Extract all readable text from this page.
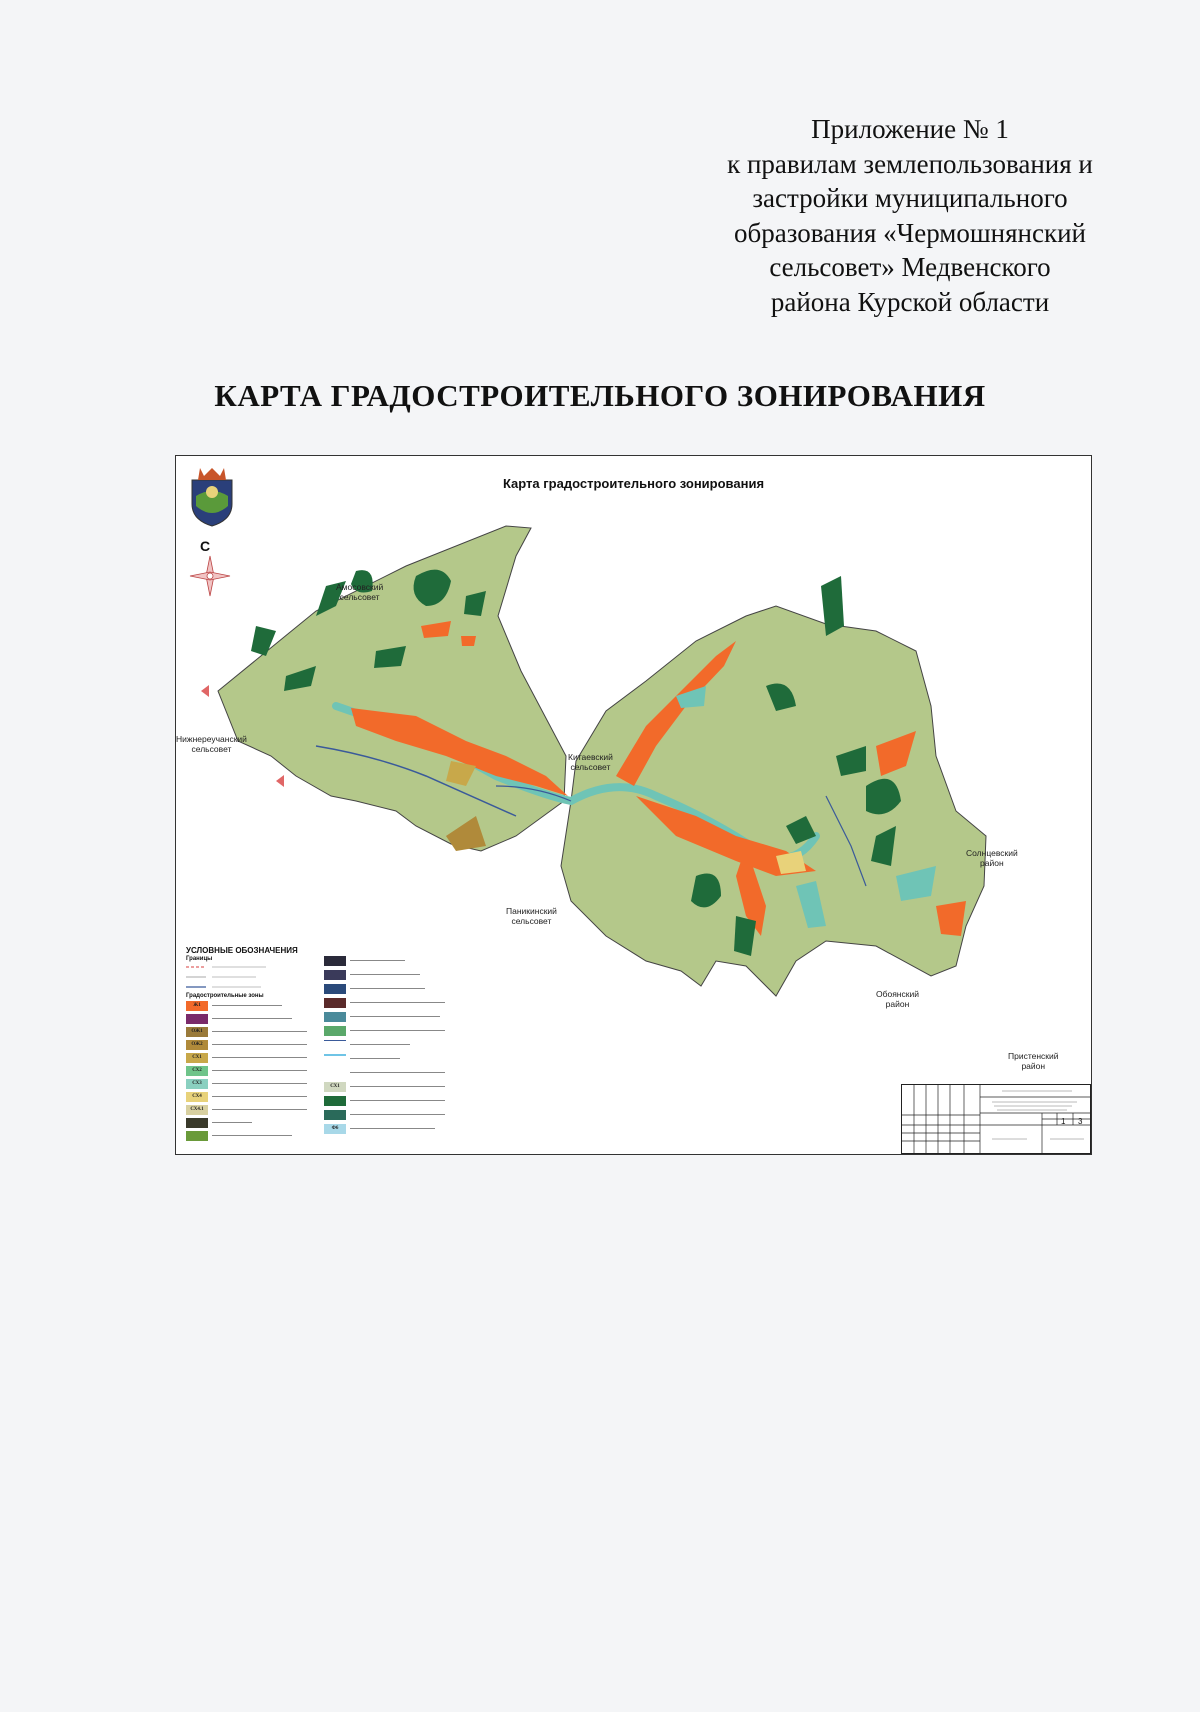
Приложение № 1
к правилам землепользования и
застройки муниципального
образования «Чермошнянский
сельсовет» Медвенского
района Курской области
КАРТА ГРАДОСТРОИТЕЛЬНОГО ЗОНИРОВАНИЯ
Карта градостроительного зонирования
С
Амосовский
сельсовет
Нижнереучанский
сельсовет
Китаевский
сельсовет
Паникинский
сельсовет
Солнцевский
район
Обоянский
район
Пристенский
район
УСЛОВНЫЕ ОБОЗНАЧЕНИЯ
Границы
Градостроительные зоны
Ж1
ОЖ1
ОЖ2
СХ1
СХ2
СХ3
СХ4
СХ4.1
СХ1
Ф6
1 3
